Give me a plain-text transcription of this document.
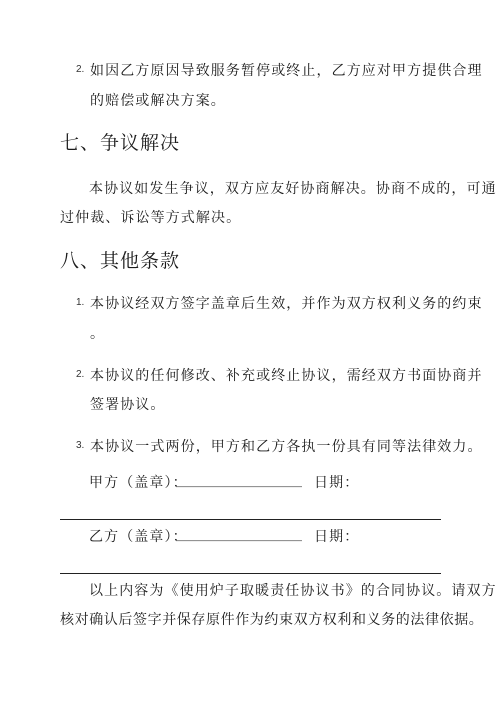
2. 如因乙方原因导致服务暂停或终止，乙方应对甲方提供合理
的赔偿或解决方案。
七、争议解决
本协议如发生争议，双方应友好协商解决。协商不成的，可通
过仲裁、诉讼等方式解决。
八、其他条款
1. 本协议经双方签字盖章后生效，并作为双方权利义务的约束
。
2. 本协议的任何修改、补充或终止协议，需经双方书面协商并
签署协议。
3. 本协议一式两份，甲方和乙方各执一份具有同等法律效力。
甲方（盖章）：
__________________ 日期：
乙方（盖章）：
__________________ 日期：
以上内容为《使用炉子取暖责任协议书》的合同协议。请双方
核对确认后签字并保存原件作为约束双方权利和义务的法律依据。
